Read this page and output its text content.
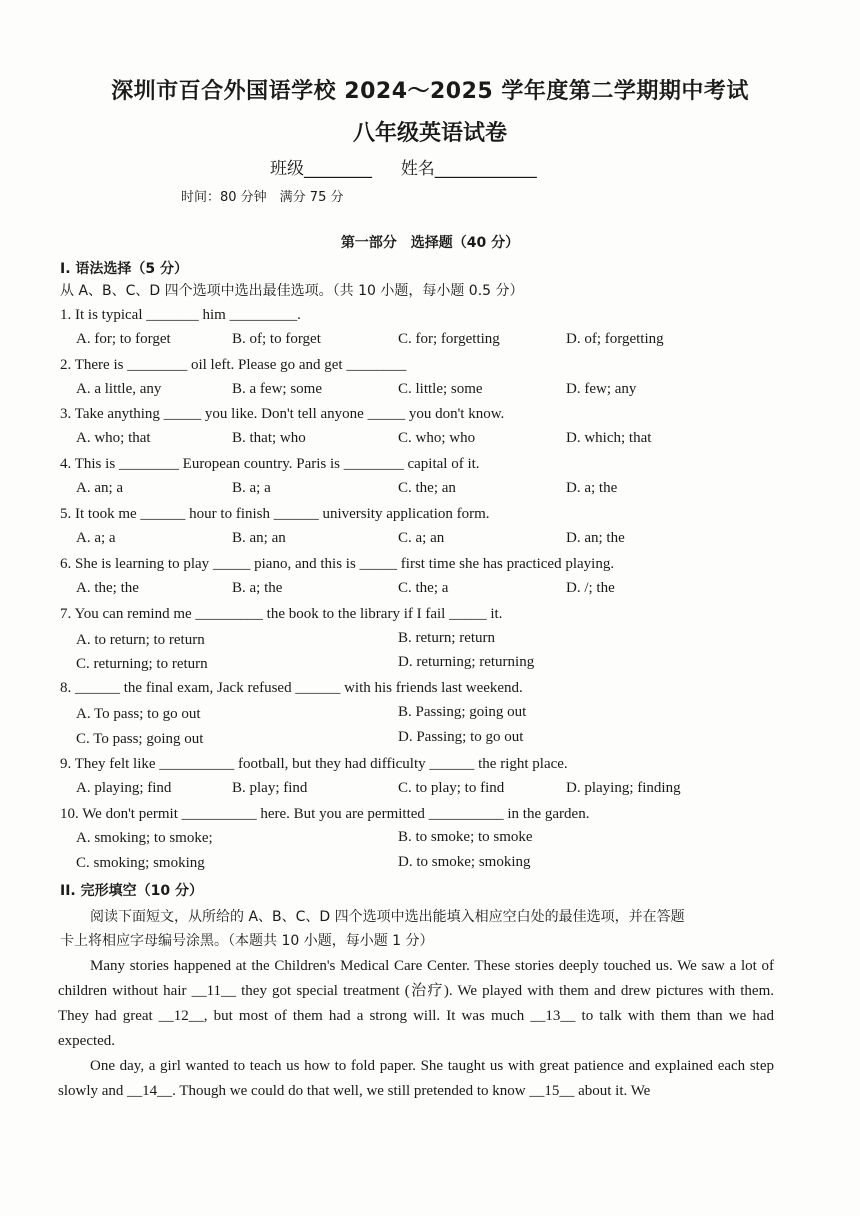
深圳市百合外国语学校 2024～2025 学年度第二学期期中考试
八年级英语试卷
班级________ 姓名____________
时间：80 分钟　满分 75 分
第一部分　选择题（40 分）
I. 语法选择（5 分）
从 A、B、C、D 四个选项中选出最佳选项。（共 10 小题，每小题 0.5 分）
1. It is typical _______ him _________.
A. for; to forget	B. of; to forget	C. for; forgetting	D. of; forgetting
2. There is ________ oil left. Please go and get ________
A. a little, any	B. a few; some	C. little; some	D. few; any
3. Take anything _____ you like. Don't tell anyone _____ you don't know.
A. who; that	B. that; who	C. who; who	D. which; that
4. This is ________ European country. Paris is ________ capital of it.
A. an; a	B. a; a	C. the; an	D. a; the
5. It took me ______ hour to finish ______ university application form.
A. a; a	B. an; an	C. a; an	D. an; the
6. She is learning to play _____ piano, and this is _____ first time she has practiced playing.
A. the; the	B. a; the	C. the; a	D. /; the
7. You can remind me _________ the book to the library if I fail _____ it.
A. to return; to return	B. return; return
C. returning; to return	D. returning; returning
8. ______ the final exam, Jack refused ______ with his friends last weekend.
A. To pass; to go out	B. Passing; going out
C. To pass; going out	D. Passing; to go out
9. They felt like __________ football, but they had difficulty ______ the right place.
A. playing; find	B. play; find	C. to play; to find	D. playing; finding
10. We don't permit __________ here. But you are permitted __________ in the garden.
A. smoking; to smoke;	B. to smoke; to smoke
C. smoking; smoking	D. to smoke; smoking
II. 完形填空（10 分）
阅读下面短文，从所给的 A、B、C、D 四个选项中选出能填入相应空白处的最佳选项，并在答题
卡上将相应字母编号涂黑。（本题共 10 小题，每小题 1 分）
Many stories happened at the Children's Medical Care Center. These stories deeply touched us. We saw a lot of children without hair __11__ they got special treatment (治疗). We played with them and drew pictures with them. They had great __12__, but most of them had a strong will. It was much __13__ to talk with them than we had expected.
One day, a girl wanted to teach us how to fold paper. She taught us with great patience and explained each step slowly and __14__. Though we could do that well, we still pretended to know __15__ about it. We
